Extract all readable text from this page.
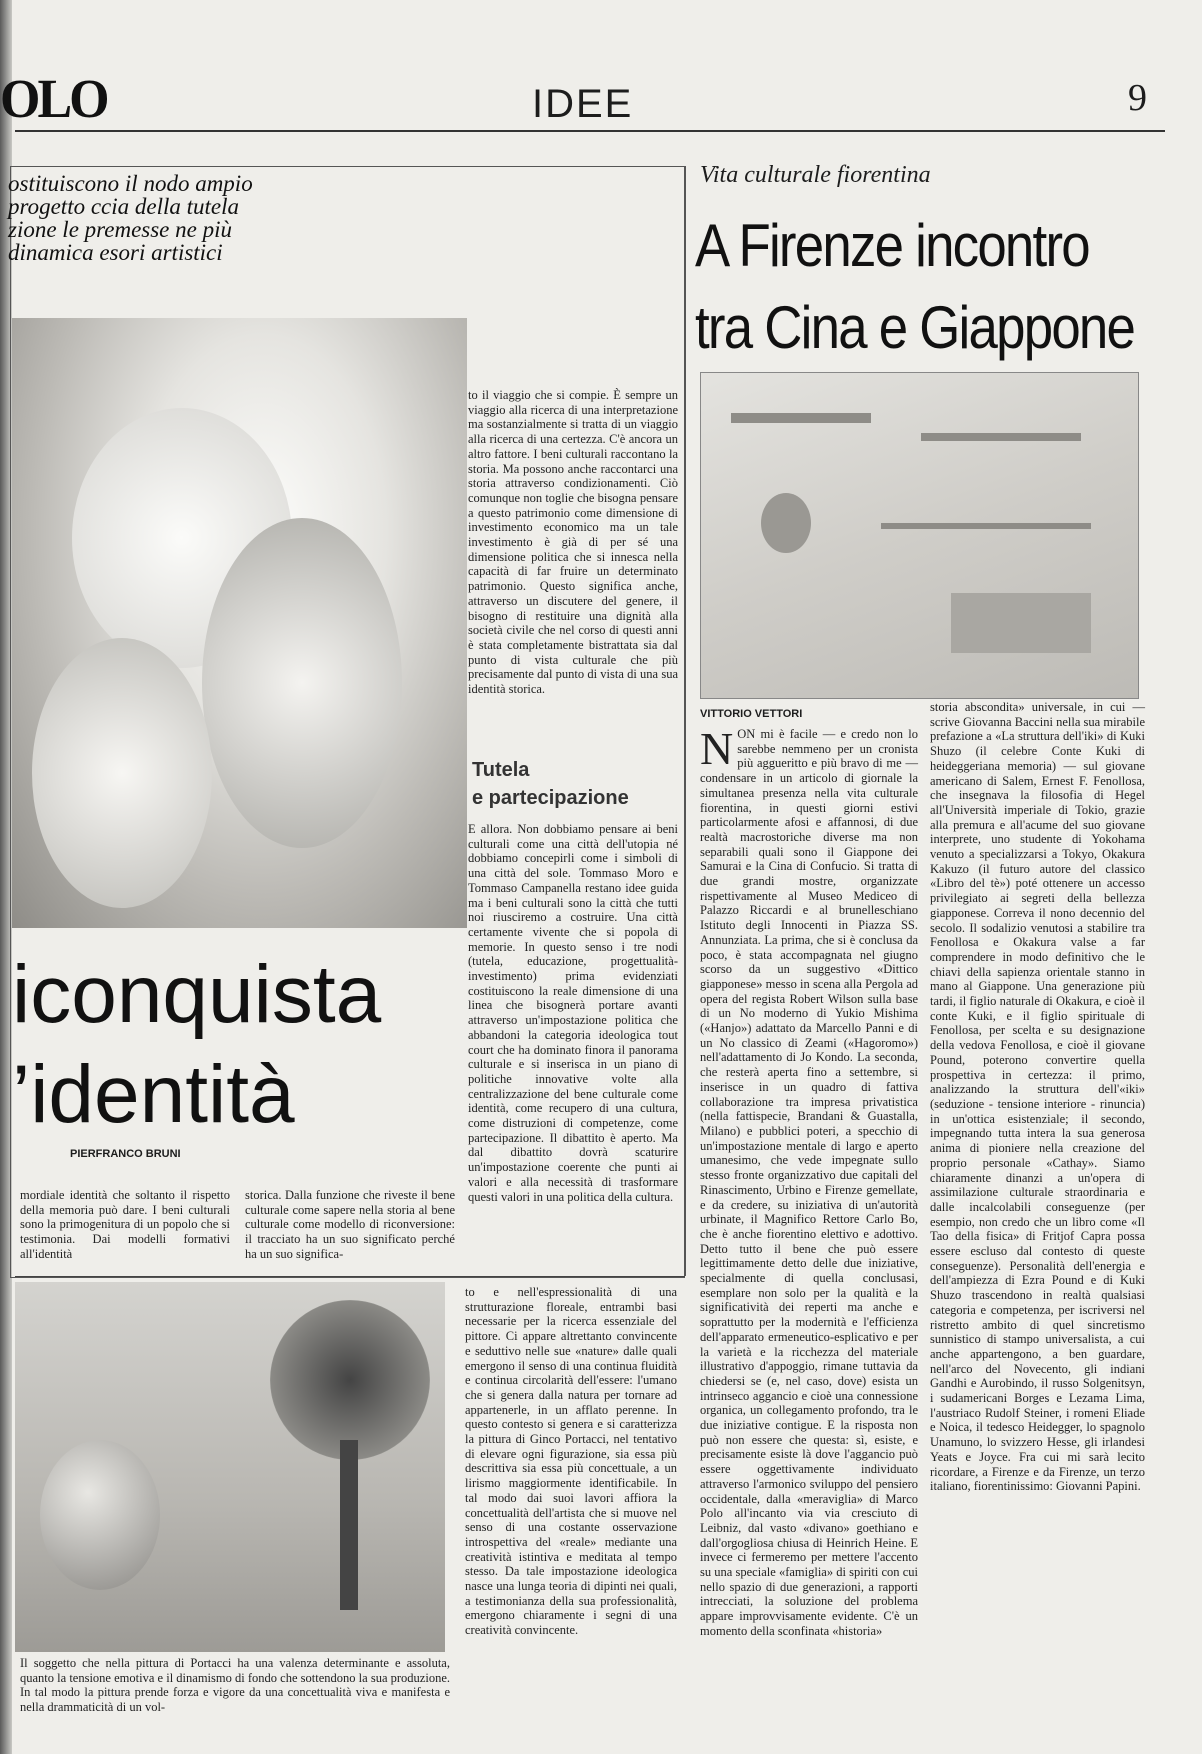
OLO	IDEE	9
ostituiscono il nodo ampio progetto ccia della tutela zione le premesse ne più dinamica esori artistici
iconquista
’identità
PIERFRANCO BRUNI
mordiale identità che soltanto il rispetto della memoria può dare. I beni culturali sono la primogenitura di un popolo che si testimonia. Dai modelli formativi all'identità
storica. Dalla funzione che riveste il bene culturale come sapere nella storia al bene culturale come modello di riconversione: il tracciato ha un suo significato perché ha un suo significa-
to il viaggio che si compie. È sempre un viaggio alla ricerca di una interpretazione ma sostanzialmente si tratta di un viaggio alla ricerca di una certezza. C'è ancora un altro fattore. I beni culturali raccontano la storia. Ma possono anche raccontarci una storia attraverso condizionamenti. Ciò comunque non toglie che bisogna pensare a questo patrimonio come dimensione di investimento economico ma un tale investimento è già di per sé una dimensione politica che si innesca nella capacità di far fruire un determinato patrimonio. Questo significa anche, attraverso un discutere del genere, il bisogno di restituire una dignità alla società civile che nel corso di questi anni è stata completamente bistrattata sia dal punto di vista culturale che più precisamente dal punto di vista di una sua identità storica.
Tutela
e partecipazione
E allora. Non dobbiamo pensare ai beni culturali come una città dell'utopia né dobbiamo concepirli come i simboli di una città del sole. Tommaso Moro e Tommaso Campanella restano idee guida ma i beni culturali sono la città che tutti noi riusciremo a costruire. Una città certamente vivente che si popola di memorie. In questo senso i tre nodi (tutela, educazione, progettualità-investimento) prima evidenziati costituiscono la reale dimensione di una linea che bisognerà portare avanti attraverso un'impostazione politica che abbandoni la categoria ideologica tout court che ha dominato finora il panorama culturale e si inserisca in un piano di politiche innovative volte alla centralizzazione del bene culturale come identità, come recupero di una cultura, come distruzioni di competenze, come partecipazione. Il dibattito è aperto. Ma dal dibattito dovrà scaturire un'impostazione coerente che punti ai valori e alla necessità di trasformare questi valori in una politica della cultura.
Il soggetto che nella pittura di Portacci ha una valenza determinante e assoluta, quanto la tensione emotiva e il dinamismo di fondo che sottendono la sua produzione. In tal modo la pittura prende forza e vigore da una concettualità viva e manifesta e nella drammaticità di un vol-
to e nell'espressionalità di una strutturazione floreale, entrambi basi necessarie per la ricerca essenziale del pittore. Ci appare altrettanto convincente e seduttivo nelle sue «nature» dalle quali emergono il senso di una continua fluidità e continua circolarità dell'essere: l'umano che si genera dalla natura per tornare ad appartenerle, in un afflato perenne. In questo contesto si genera e si caratterizza la pittura di Ginco Portacci, nel tentativo di elevare ogni figurazione, sia essa più descrittiva sia essa più concettuale, a un lirismo maggiormente identificabile. In tal modo dai suoi lavori affiora la concettualità dell'artista che si muove nel senso di una costante osservazione introspettiva del «reale» mediante una creatività istintiva e meditata al tempo stesso. Da tale impostazione ideologica nasce una lunga teoria di dipinti nei quali, a testimonianza della sua professionalità, emergono chiaramente i segni di una creatività convincente.
Vita culturale fiorentina
A Firenze incontro
tra Cina e Giappone
VITTORIO VETTORI
NON mi è facile — e credo non lo sarebbe nemmeno per un cronista più aggueritto e più bravo di me — condensare in un articolo di giornale la simultanea presenza nella vita culturale fiorentina, in questi giorni estivi particolarmente afosi e affannosi, di due realtà macrostoriche diverse ma non separabili quali sono il Giappone dei Samurai e la Cina di Confucio. Si tratta di due grandi mostre, organizzate rispettivamente al Museo Mediceo di Palazzo Riccardi e al brunelleschiano Istituto degli Innocenti in Piazza SS. Annunziata. La prima, che si è conclusa da poco, è stata accompagnata nel giugno scorso da un suggestivo «Dittico giapponese» messo in scena alla Pergola ad opera del regista Robert Wilson sulla base di un No moderno di Yukio Mishima («Hanjo») adattato da Marcello Panni e di un No classico di Zeami («Hagoromo») nell'adattamento di Jo Kondo. La seconda, che resterà aperta fino a settembre, si inserisce in un quadro di fattiva collaborazione tra impresa privatistica (nella fattispecie, Brandani & Guastalla, Milano) e pubblici poteri, a specchio di un'impostazione mentale di largo e aperto umanesimo, che vede impegnate sullo stesso fronte organizzativo due capitali del Rinascimento, Urbino e Firenze gemellate, e da credere, su iniziativa di un'autorità urbinate, il Magnifico Rettore Carlo Bo, che è anche fiorentino elettivo e adottivo. Detto tutto il bene che può essere legittimamente detto delle due iniziative, specialmente di quella conclusasi, esemplare non solo per la qualità e la significatività dei reperti ma anche e soprattutto per la modernità e l'efficienza dell'apparato ermeneutico-esplicativo e per la varietà e la ricchezza del materiale illustrativo d'appoggio, rimane tuttavia da chiedersi se (e, nel caso, dove) esista un intrinseco aggancio e cioè una connessione organica, un collegamento profondo, tra le due iniziative contigue. E la risposta non può non essere che questa: sì, esiste, e precisamente esiste là dove l'aggancio può essere oggettivamente individuato attraverso l'armonico sviluppo del pensiero occidentale, dalla «meraviglia» di Marco Polo all'incanto via via cresciuto di Leibniz, dal vasto «divano» goethiano e dall'orgogliosa chiusa di Heinrich Heine. E invece ci fermeremo per mettere l'accento su una speciale «famiglia» di spiriti con cui nello spazio di due generazioni, a rapporti intrecciati, la soluzione del problema appare improvvisamente evidente. C'è un momento della sconfinata «historia»
storia abscondita» universale, in cui — scrive Giovanna Baccini nella sua mirabile prefazione a «La struttura dell'iki» di Kuki Shuzo (il celebre Conte Kuki di heideggeriana memoria) — sul giovane americano di Salem, Ernest F. Fenollosa, che insegnava la filosofia di Hegel all'Università imperiale di Tokio, grazie alla premura e all'acume del suo giovane interprete, uno studente di Yokohama venuto a specializzarsi a Tokyo, Okakura Kakuzo (il futuro autore del classico «Libro del tè») poté ottenere un accesso privilegiato ai segreti della bellezza giapponese. Correva il nono decennio del secolo. Il sodalizio venutosi a stabilire tra Fenollosa e Okakura valse a far comprendere in modo definitivo che le chiavi della sapienza orientale stanno in mano al Giappone. Una generazione più tardi, il figlio naturale di Okakura, e cioè il conte Kuki, e il figlio spirituale di Fenollosa, per scelta e su designazione della vedova Fenollosa, e cioè il giovane Pound, poterono convertire quella prospettiva in certezza: il primo, analizzando la struttura dell'«iki» (seduzione - tensione interiore - rinuncia) in un'ottica esistenziale; il secondo, impegnando tutta intera la sua generosa anima di pioniere nella creazione del proprio personale «Cathay». Siamo chiaramente dinanzi a un'opera di assimilazione culturale straordinaria e dalle incalcolabili conseguenze (per esempio, non credo che un libro come «Il Tao della fisica» di Fritjof Capra possa essere escluso dal contesto di queste conseguenze). Personalità dell'energia e dell'ampiezza di Ezra Pound e di Kuki Shuzo trascendono in realtà qualsiasi categoria e competenza, per iscriversi nel ristretto ambito di quel sincretismo sunnistico di stampo universalista, a cui anche appartengono, a ben guardare, nell'arco del Novecento, gli indiani Gandhi e Aurobindo, il russo Solgenitsyn, i sudamericani Borges e Lezama Lima, l'austriaco Rudolf Steiner, i romeni Eliade e Noica, il tedesco Heidegger, lo spagnolo Unamuno, lo svizzero Hesse, gli irlandesi Yeats e Joyce. Fra cui mi sarà lecito ricordare, a Firenze e da Firenze, un terzo italiano, fiorentinissimo: Giovanni Papini.
